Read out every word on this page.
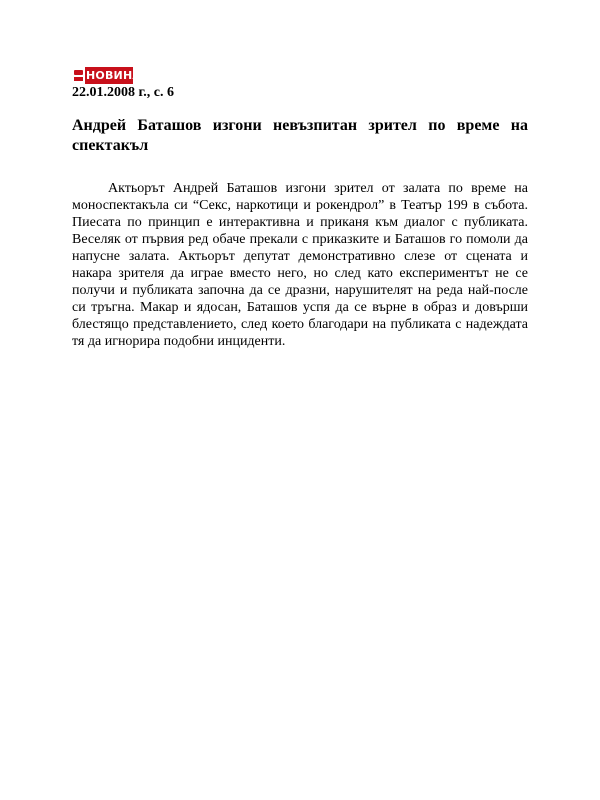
НОВИНАР

22.01.2008 г., с. 6

Андрей Баташов изгони невъзпитан зрител по време на спектакъл

Актьорът Андрей Баташов изгони зрител от залата по време на моноспектакъла си “Секс, наркотици и рокендрол” в Театър 199 в събота. Пиесата по принцип е интерактивна и приканя към диалог с публиката. Веселяк от първия ред обаче прекали с приказките и Баташов го помоли да напусне залата. Актьорът депутат демонстративно слезе от сцената и накара зрителя да играе вместо него, но след като експериментът не се получи и публиката започна да се дразни, нарушителят на реда най-после си тръгна. Макар и ядосан, Баташов успя да се върне в образ и довърши блестящо представлението, след което благодари на публиката с надеждата тя да игнорира подобни инциденти.
